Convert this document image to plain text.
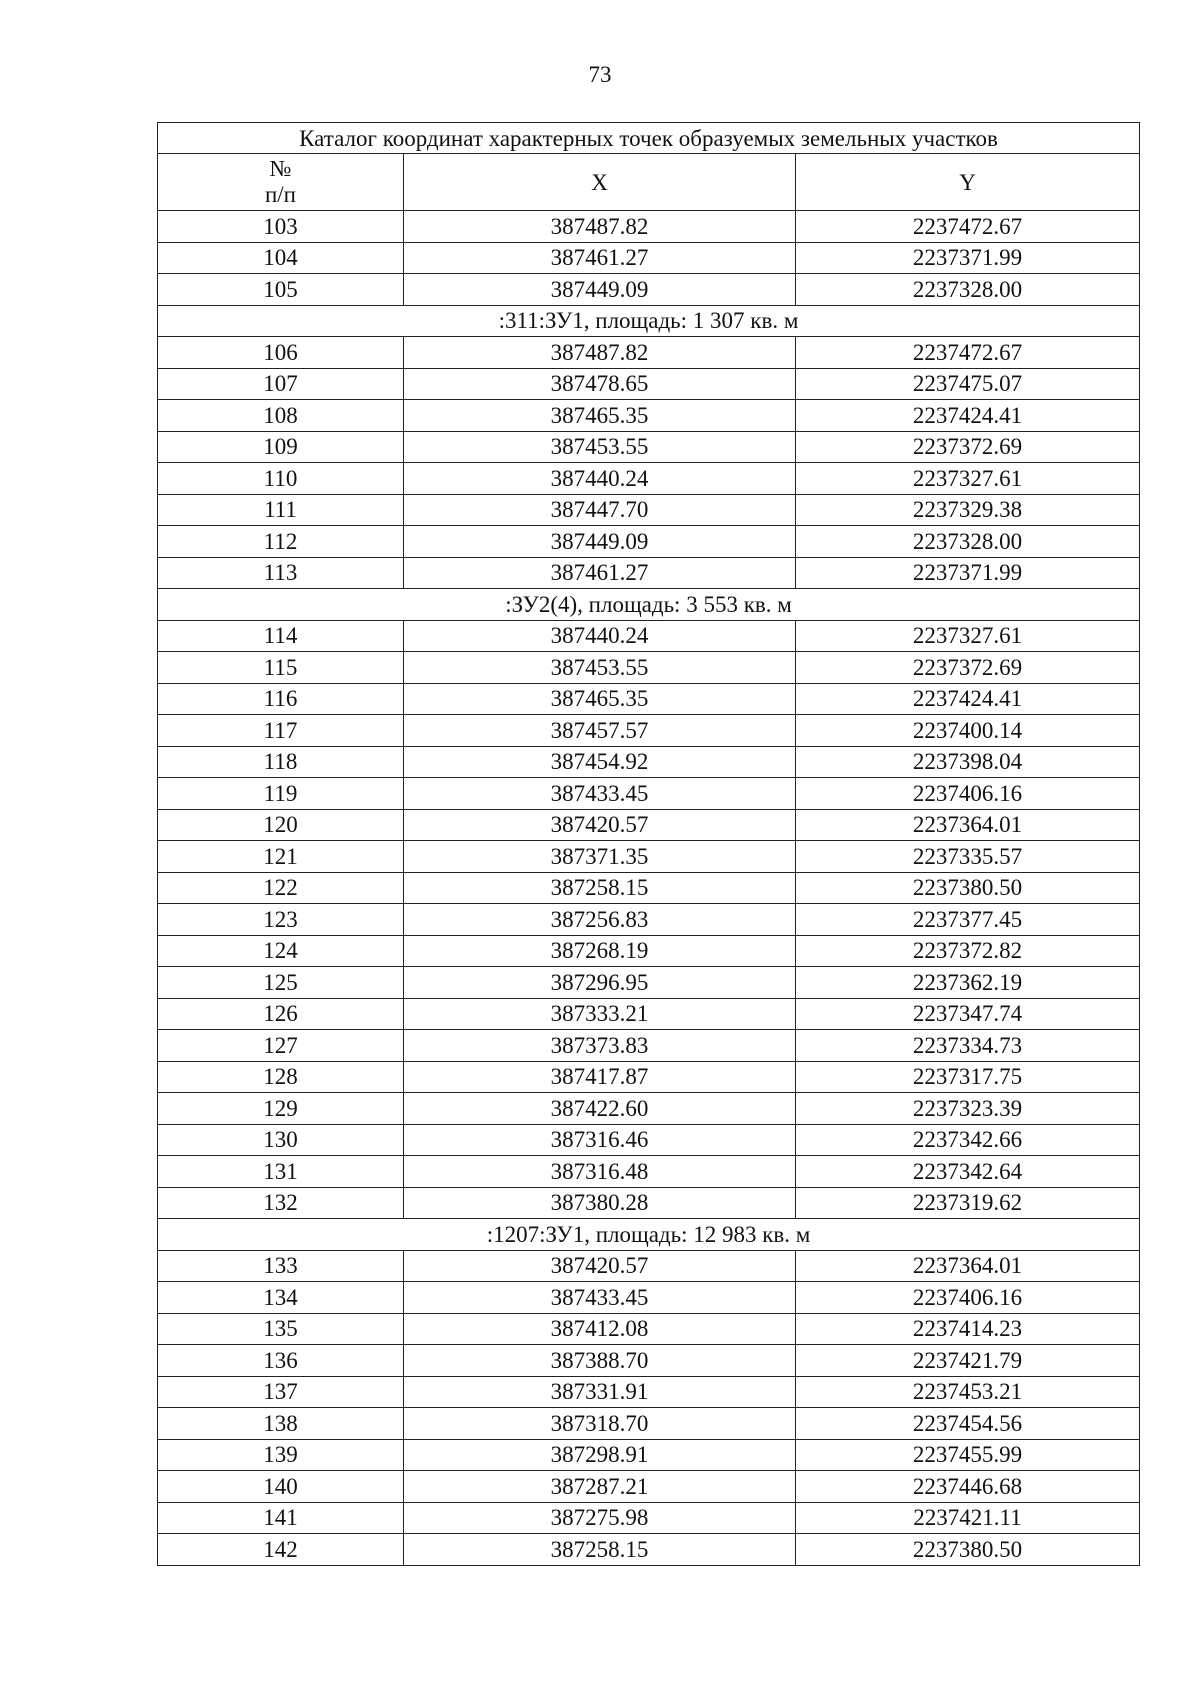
73
Каталог координат характерных точек образуемых земельных участков		

№
п/п	X	Y
103	387487.82	2237472.67
104	387461.27	2237371.99
105	387449.09	2237328.00
:311:ЗУ1, площадь: 1 307 кв. м		
106	387487.82	2237472.67
107	387478.65	2237475.07
108	387465.35	2237424.41
109	387453.55	2237372.69
110	387440.24	2237327.61
111	387447.70	2237329.38
112	387449.09	2237328.00
113	387461.27	2237371.99
:ЗУ2(4), площадь: 3 553 кв. м		
114	387440.24	2237327.61
115	387453.55	2237372.69
116	387465.35	2237424.41
117	387457.57	2237400.14
118	387454.92	2237398.04
119	387433.45	2237406.16
120	387420.57	2237364.01
121	387371.35	2237335.57
122	387258.15	2237380.50
123	387256.83	2237377.45
124	387268.19	2237372.82
125	387296.95	2237362.19
126	387333.21	2237347.74
127	387373.83	2237334.73
128	387417.87	2237317.75
129	387422.60	2237323.39
130	387316.46	2237342.66
131	387316.48	2237342.64
132	387380.28	2237319.62
:1207:ЗУ1, площадь: 12 983 кв. м		
133	387420.57	2237364.01
134	387433.45	2237406.16
135	387412.08	2237414.23
136	387388.70	2237421.79
137	387331.91	2237453.21
138	387318.70	2237454.56
139	387298.91	2237455.99
140	387287.21	2237446.68
141	387275.98	2237421.11
142	387258.15	2237380.50
